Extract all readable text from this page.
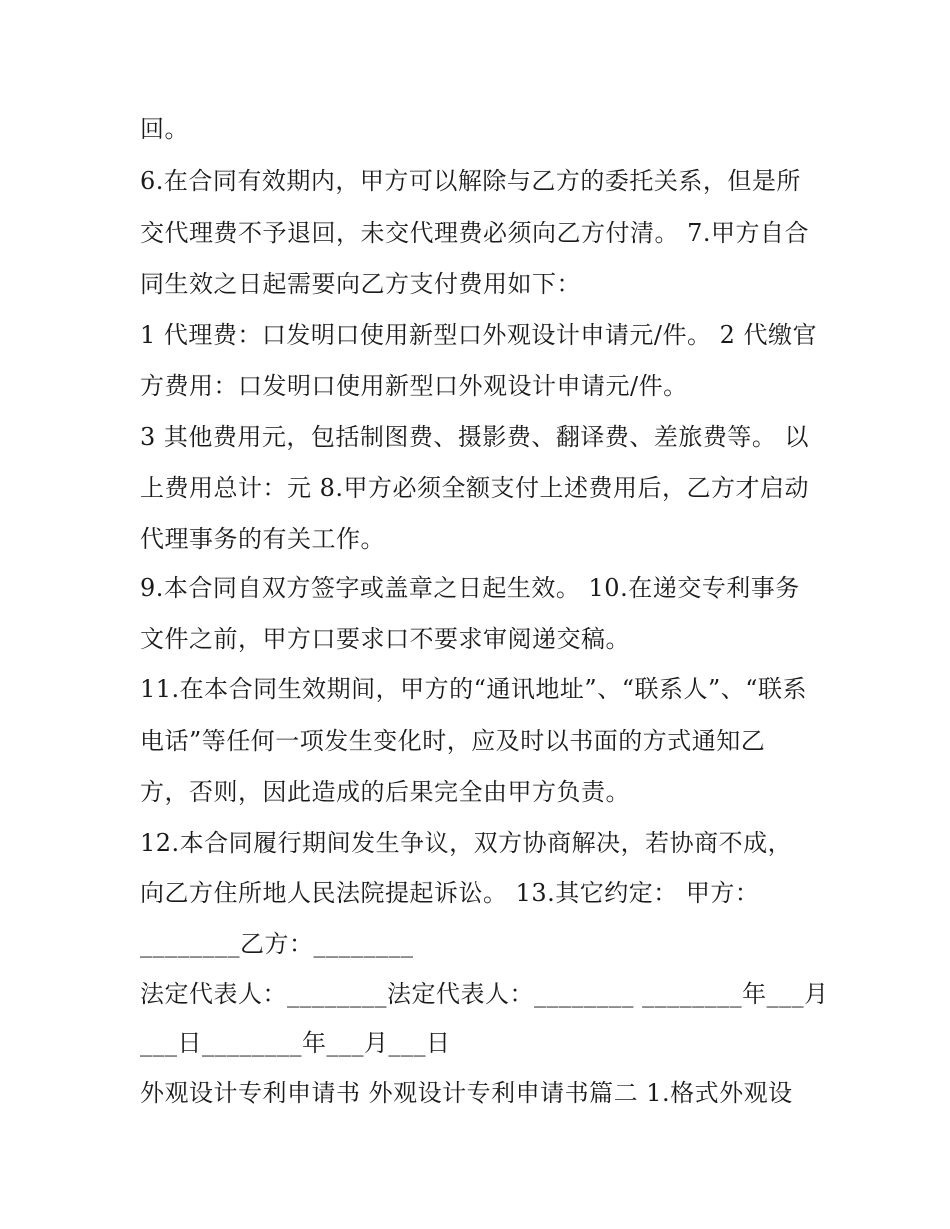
回。
6.在合同有效期内，甲方可以解除与乙方的委托关系，但是所
交代理费不予退回，未交代理费必须向乙方付清。 7.甲方自合
同生效之日起需要向乙方支付费用如下：
1 代理费：口发明口使用新型口外观设计申请元/件。 2 代缴官
方费用：口发明口使用新型口外观设计申请元/件。
3 其他费用元，包括制图费、摄影费、翻译费、差旅费等。 以
上费用总计：元 8.甲方必须全额支付上述费用后，乙方才启动
代理事务的有关工作。
9.本合同自双方签字或盖章之日起生效。 10.在递交专利事务
文件之前，甲方口要求口不要求审阅递交稿。
11.在本合同生效期间，甲方的“通讯地址”、“联系人”、“联系
电话”等任何一项发生变化时，应及时以书面的方式通知乙
方，否则，因此造成的后果完全由甲方负责。
12.本合同履行期间发生争议，双方协商解决，若协商不成，
向乙方住所地人民法院提起诉讼。 13.其它约定： 甲方：
________乙方：________
法定代表人：________法定代表人：________ ________年___月
___日________年___月___日
外观设计专利申请书 外观设计专利申请书篇二 1.格式外观设
